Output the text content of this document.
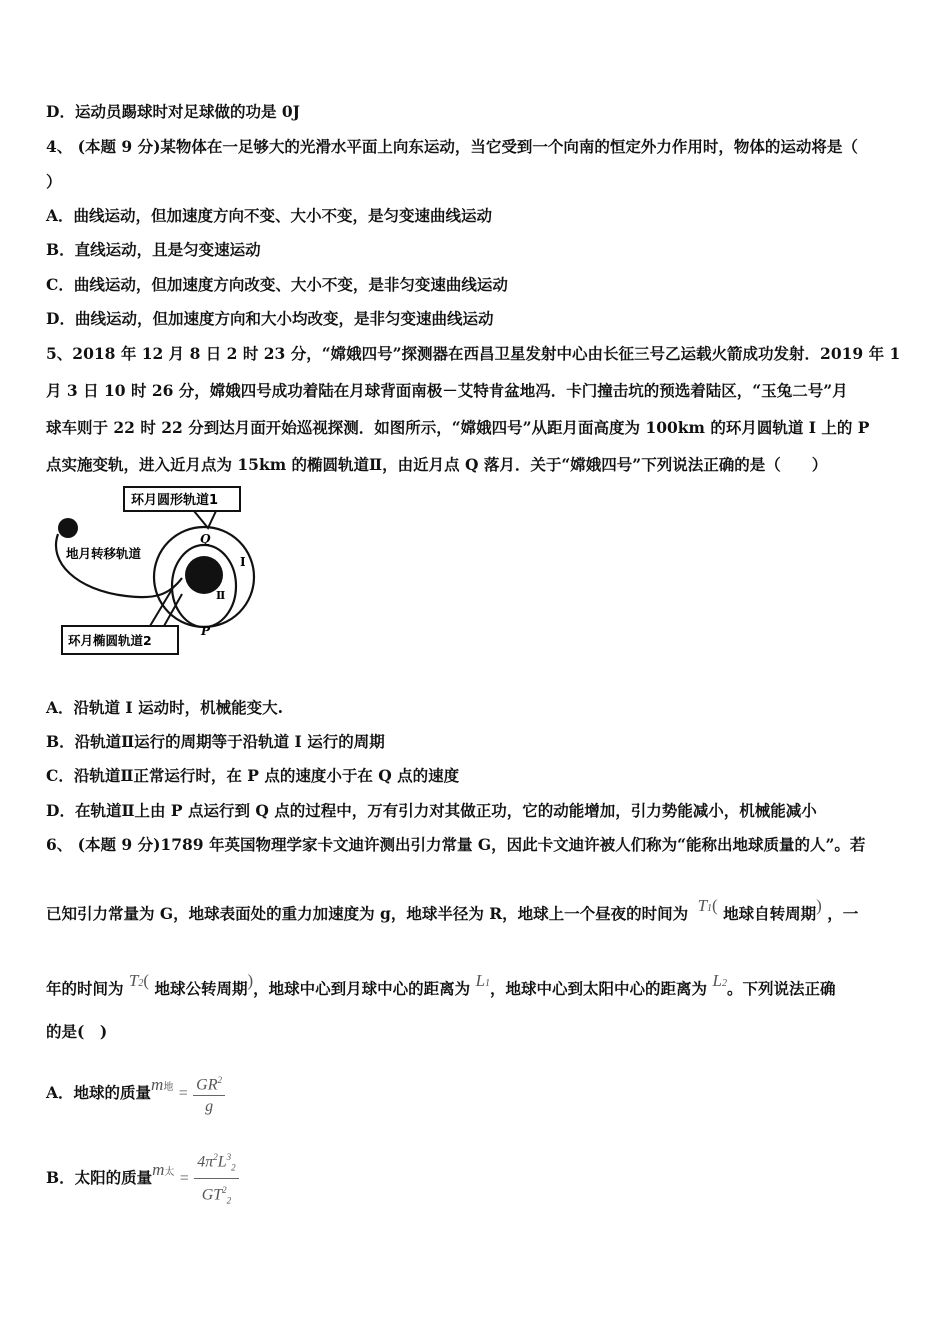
D．运动员踢球时对足球做的功是 0J
4、 (本题 9 分)某物体在一足够大的光滑水平面上向东运动，当它受到一个向南的恒定外力作用时，物体的运动将是（
）
A．曲线运动，但加速度方向不变、大小不变，是匀变速曲线运动
B．直线运动，且是匀变速运动
C．曲线运动，但加速度方向改变、大小不变，是非匀变速曲线运动
D．曲线运动，但加速度方向和大小均改变，是非匀变速曲线运动
5、2018 年 12 月 8 日 2 时 23 分，“嫦娥四号”探测器在西昌卫星发射中心由长征三号乙运载火箭成功发射．2019 年 1
月 3 日 10 时 26 分，嫦娥四号成功着陆在月球背面南极－艾特肯盆地冯．卡门撞击坑的预选着陆区，“玉兔二号”月
球车则于 22 时 22 分到达月面开始巡视探测．如图所示，“嫦娥四号”从距月面高度为 100km 的环月圆轨道 I 上的 P
点实施变轨，进入近月点为 15km 的椭圆轨道Ⅱ，由近月点 Q 落月．关于“嫦娥四号”下列说法正确的是（　　）
环月圆形轨道1
地月转移轨道
环月椭圆轨道2
Q
P
I
Ⅱ
A．沿轨道 I 运动时，机械能变大.
B．沿轨道Ⅱ运行的周期等于沿轨道 I 运行的周期
C．沿轨道Ⅱ正常运行时，在 P 点的速度小于在 Q 点的速度
D．在轨道Ⅱ上由 P 点运行到 Q 点的过程中，万有引力对其做正功，它的动能增加，引力势能减小，机械能减小
6、 (本题 9 分)1789 年英国物理学家卡文迪许测出引力常量 G，因此卡文迪许被人们称为“能称出地球质量的人”。若
已知引力常量为 G，地球表面处的重力加速度为 g，地球半径为 R，地球上一个昼夜的时间为 T1( 地球自转周期) ，一
年的时间为 T2( 地球公转周期)，地球中心到月球中心的距离为 L1，地球中心到太阳中心的距离为 L2。下列说法正确
的是(　)
A．地球的质量m地 = $\frac{GR^2}{g}$
B．太阳的质量m太 = $\frac{4\pi^2L^3_2}{GT^2_2}$
